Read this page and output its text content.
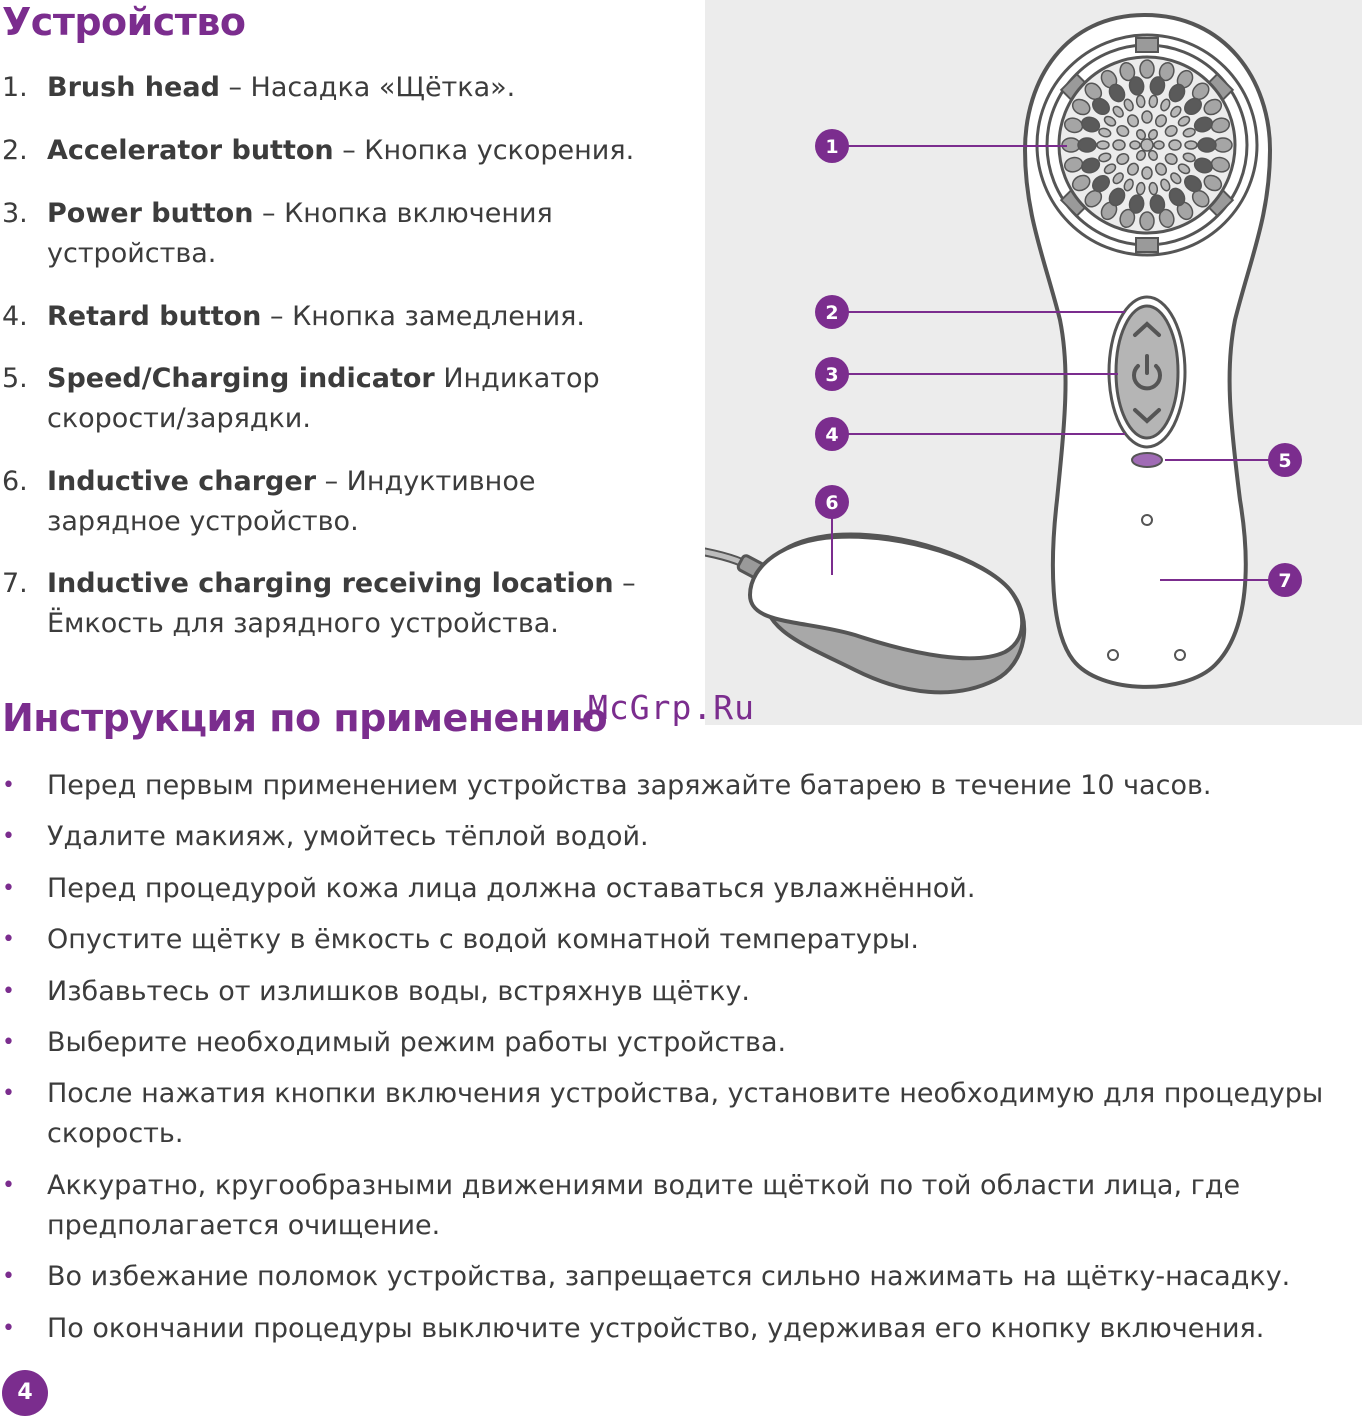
Устройство
1. Brush head – Насадка «Щётка».
2. Accelerator button – Кнопка ускорения.
3. Power button – Кнопка включения устройства.
4. Retard button – Кнопка замедления.
5. Speed/Charging indicator Индикатор скорости/зарядки.
6. Inductive charger – Индуктивное зарядное устройство.
7. Inductive charging receiving location – Ёмкость для зарядного устройства.
1
2
3
4
5
6
7
Инструкция по применению
McGrp.Ru
• Перед первым применением устройства заряжайте батарею в течение 10 часов.
• Удалите макияж, умойтесь тёплой водой.
• Перед процедурой кожа лица должна оставаться увлажнённой.
• Опустите щётку в ёмкость с водой комнатной температуры.
• Избавьтесь от излишков воды, встряхнув щётку.
• Выберите необходимый режим работы устройства.
• После нажатия кнопки включения устройства, установите необходимую для процедуры скорость.
• Аккуратно, кругообразными движениями водите щёткой по той области лица, где предполагается очищение.
• Во избежание поломок устройства, запрещается сильно нажимать на щётку-насадку.
• По окончании процедуры выключите устройство, удерживая его кнопку включения.
4
